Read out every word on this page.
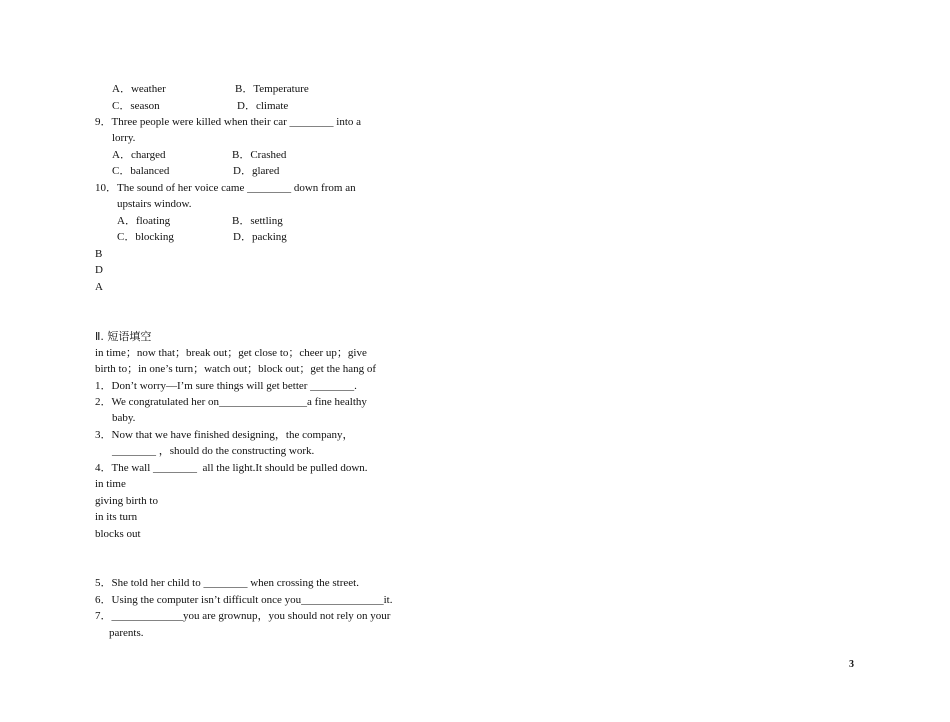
A．weather	B．Temperature
C．season	D．climate
9．Three people were killed when their car ________ into a
lorry.
A．charged	B．Crashed
C．balanced	D．glared
10．The sound of her voice came ________ down from an
upstairs window.
A．floating	B．settling
C．blocking	D．packing
B
D
A
Ⅱ. 短语填空
in time；now that；break out；get close to；cheer up；give
birth to；in one’s turn；watch out；block out；get the hang of
1．Don’t worry—I’m sure things will get better ________.
2．We congratulated her on________________a fine healthy
baby.
3．Now that we have finished designing，the company，
________ ，should do the constructing work.
4．The wall ________  all the light.It should be pulled down.
in time
giving birth to
in its turn
blocks out
5．She told her child to ________ when crossing the street.
6．Using the computer isn’t difficult once you_______________it.
7．_____________you are grownup，you should not rely on your
parents.
3
